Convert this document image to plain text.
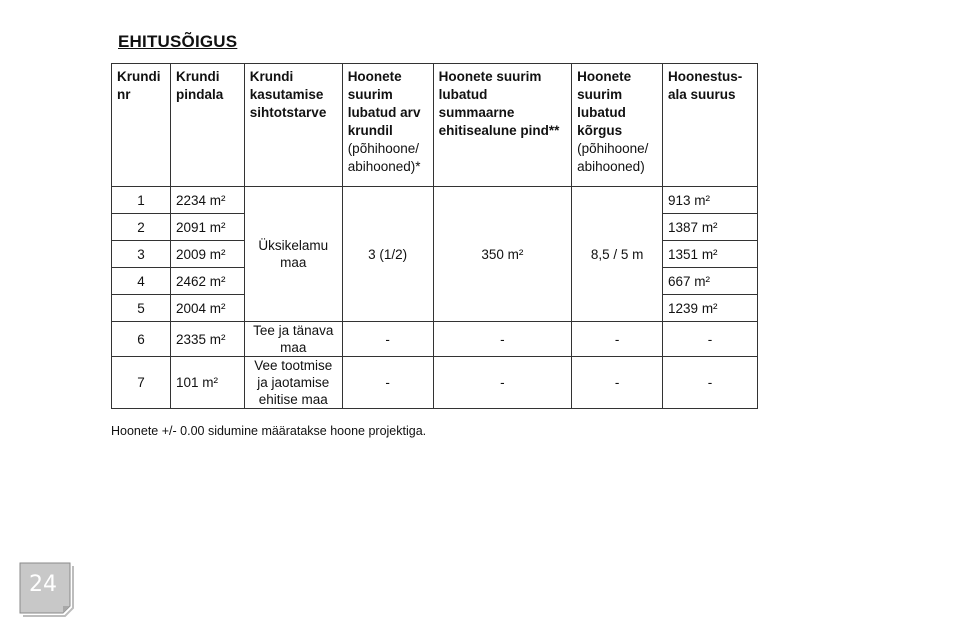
EHITUSÕIGUS
Krundi nr	Krundi pindala	Krundi kasutamise sihtotstarve	Hoonete suurim lubatud arv krundil (põhihoone/ abihooned)*	Hoonete suurim lubatud summaarne ehitisealune pind**	Hoonete suurim lubatud kõrgus (põhihoone/ abihooned)	Hoonestus-ala suurus
1	2234 m²	Üksikelamu maa	3 (1/2)	350 m²	8,5 / 5 m	913 m²
2	2091 m²					1387 m²
3	2009 m²					1351 m²
4	2462 m²					667 m²
5	2004 m²					1239 m²
6	2335 m²	Tee ja tänava maa	-	-	-	-
7	101 m²	Vee tootmise ja jaotamise ehitise maa	-	-	-	-
Hoonete +/- 0.00 sidumine määratakse hoone projektiga.
24
